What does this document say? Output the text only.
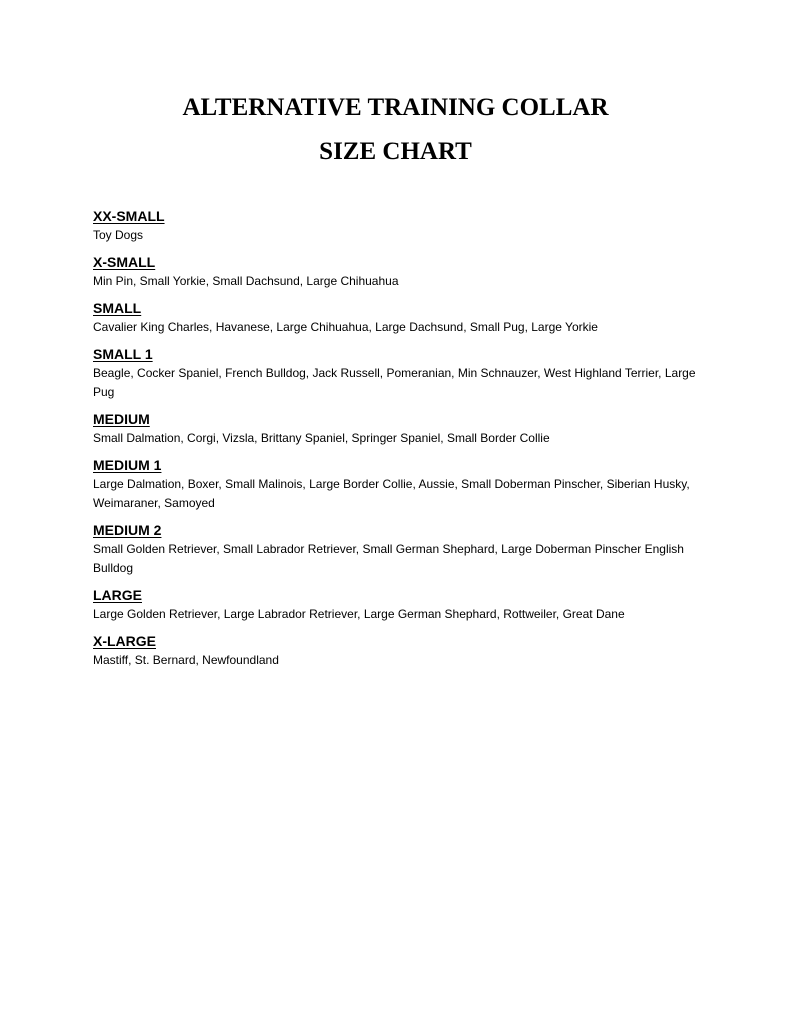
ALTERNATIVE TRAINING COLLAR
SIZE CHART
XX-SMALL
Toy Dogs
X-SMALL
Min Pin, Small Yorkie, Small Dachsund, Large Chihuahua
SMALL
Cavalier King Charles, Havanese, Large Chihuahua, Large Dachsund, Small Pug, Large Yorkie
SMALL 1
Beagle, Cocker Spaniel, French Bulldog, Jack Russell, Pomeranian, Min Schnauzer, West Highland Terrier, Large Pug
MEDIUM
Small Dalmation, Corgi, Vizsla, Brittany Spaniel, Springer Spaniel, Small Border Collie
MEDIUM 1
Large Dalmation, Boxer, Small Malinois, Large Border Collie, Aussie, Small Doberman Pinscher, Siberian Husky, Weimaraner, Samoyed
MEDIUM 2
Small Golden Retriever, Small Labrador Retriever, Small German Shephard, Large Doberman Pinscher English Bulldog
LARGE
Large Golden Retriever, Large Labrador Retriever, Large German Shephard, Rottweiler, Great Dane
X-LARGE
Mastiff, St. Bernard, Newfoundland
